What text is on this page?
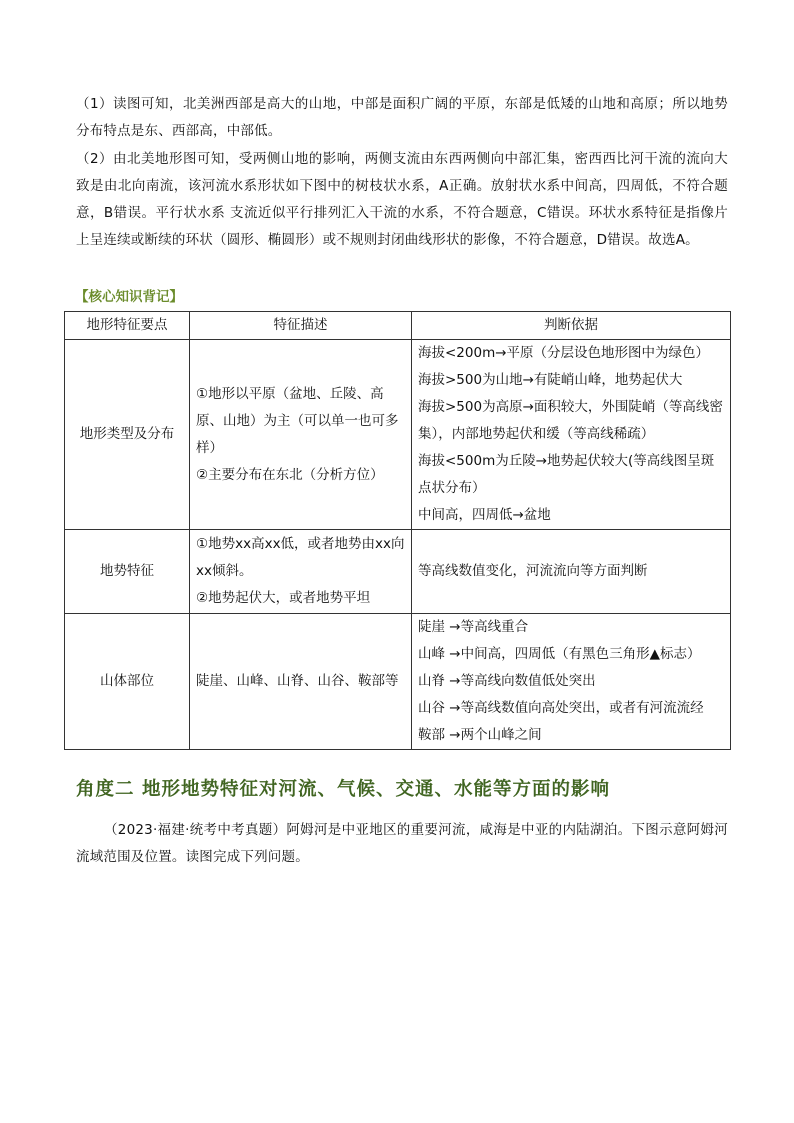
（1）读图可知，北美洲西部是高大的山地，中部是面积广阔的平原，东部是低矮的山地和高原；所以地势分布特点是东、西部高，中部低。

（2）由北美地形图可知，受两侧山地的影响，两侧支流由东西两侧向中部汇集，密西西比河干流的流向大致是由北向南流，该河流水系形状如下图中的树枝状水系，A正确。放射状水系中间高，四周低，不符合题意，B错误。平行状水系 支流近似平行排列汇入干流的水系，不符合题意，C错误。环状水系特征是指像片上呈连续或断续的环状（圆形、椭圆形）或不规则封闭曲线形状的影像，不符合题意，D错误。故选A。

【核心知识背记】
地形特征要点	特征描述	判断依据
地形类型及分布	①地形以平原（盆地、丘陵、高原、山地）为主（可以单一也可多样）
②主要分布在东北（分析方位）	海拔<200m→平原（分层设色地形图中为绿色）
海拔>500为山地→有陡峭山峰，地势起伏大
海拔>500为高原→面积较大，外围陡峭（等高线密集），内部地势起伏和缓（等高线稀疏）
海拔<500m为丘陵→地势起伏较大(等高线图呈斑点状分布）
中间高，四周低→盆地

地势特征	①地势xx高xx低，或者地势由xx向xx倾斜。
②地势起伏大，或者地势平坦	等高线数值变化，河流流向等方面判断

山体部位	陡崖、山峰、山脊、山谷、鞍部等	陡崖 →等高线重合
山峰 →中间高，四周低（有黑色三角形▲标志）
山脊 →等高线向数值低处突出
山谷 →等高线数值向高处突出，或者有河流流经
鞍部 →两个山峰之间
角度二 地形地势特征对河流、气候、交通、水能等方面的影响

（2023·福建·统考中考真题）阿姆河是中亚地区的重要河流，咸海是中亚的内陆湖泊。下图示意阿姆河流域范围及位置。读图完成下列问题。
